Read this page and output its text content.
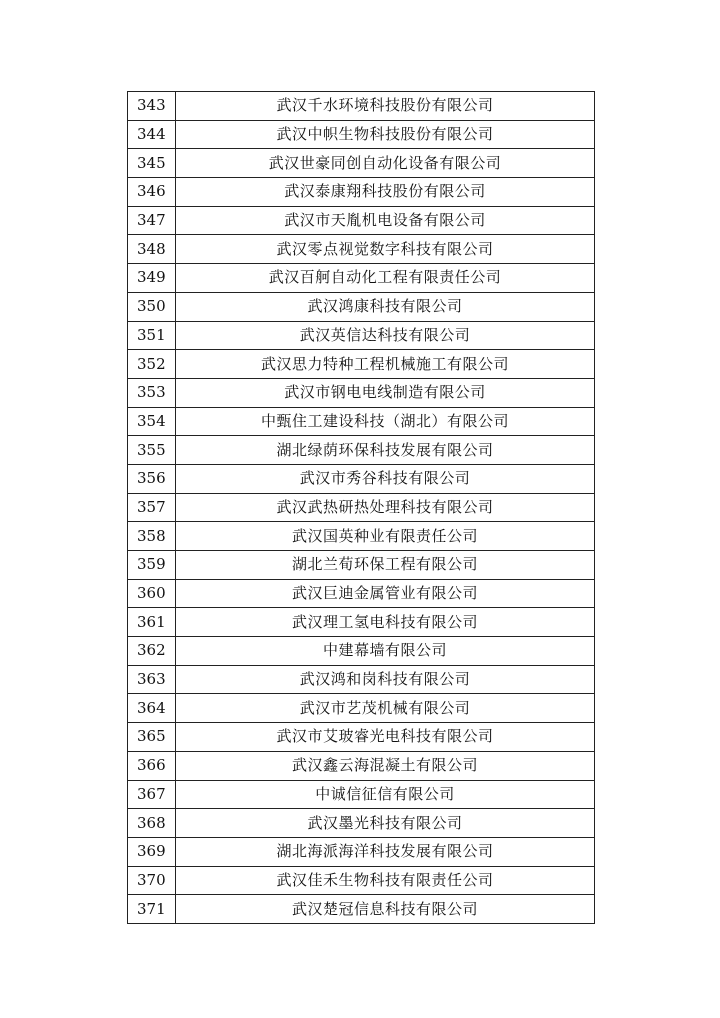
343	武汉千水环境科技股份有限公司
344	武汉中帜生物科技股份有限公司
345	武汉世豪同创自动化设备有限公司
346	武汉泰康翔科技股份有限公司
347	武汉市天胤机电设备有限公司
348	武汉零点视觉数字科技有限公司
349	武汉百舸自动化工程有限责任公司
350	武汉鸿康科技有限公司
351	武汉英信达科技有限公司
352	武汉思力特种工程机械施工有限公司
353	武汉市钢电电线制造有限公司
354	中甄住工建设科技（湖北）有限公司
355	湖北绿荫环保科技发展有限公司
356	武汉市秀谷科技有限公司
357	武汉武热研热处理科技有限公司
358	武汉国英种业有限责任公司
359	湖北兰荀环保工程有限公司
360	武汉巨迪金属管业有限公司
361	武汉理工氢电科技有限公司
362	中建幕墙有限公司
363	武汉鸿和岗科技有限公司
364	武汉市艺茂机械有限公司
365	武汉市艾玻睿光电科技有限公司
366	武汉鑫云海混凝土有限公司
367	中诚信征信有限公司
368	武汉墨光科技有限公司
369	湖北海派海洋科技发展有限公司
370	武汉佳禾生物科技有限责任公司
371	武汉楚冠信息科技有限公司
